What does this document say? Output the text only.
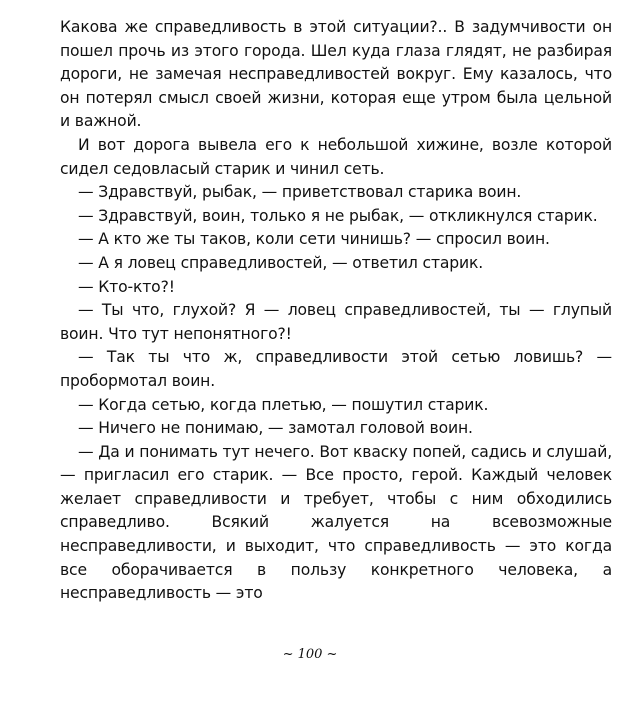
Какова же справедливость в этой ситуации?.. В задумчивости он пошел прочь из этого города. Шел куда глаза глядят, не разбирая дороги, не замечая несправедливостей вокруг. Ему казалось, что он потерял смысл своей жизни, которая еще утром была цельной и важной.

И вот дорога вывела его к небольшой хижине, возле которой сидел седовласый старик и чинил сеть.

— Здравствуй, рыбак, — приветствовал старика воин.

— Здравствуй, воин, только я не рыбак, — откликнулся старик.

— А кто же ты таков, коли сети чинишь? — спросил воин.

— А я ловец справедливостей, — ответил старик.

— Кто-кто?!

— Ты что, глухой? Я — ловец справедливостей, ты — глупый воин. Что тут непонятного?!

— Так ты что ж, справедливости этой сетью ловишь? — пробормотал воин.

— Когда сетью, когда плетью, — пошутил старик.

— Ничего не понимаю, — замотал головой воин.

— Да и понимать тут нечего. Вот кваску попей, садись и слушай, — пригласил его старик. — Все просто, герой. Каждый человек желает справедливости и требует, чтобы с ним обходились справедливо. Всякий жалуется на всевозможные несправедливости, и выходит, что справедливость — это когда все оборачивается в пользу конкретного человека, а несправедливость — это

~ 100 ~
